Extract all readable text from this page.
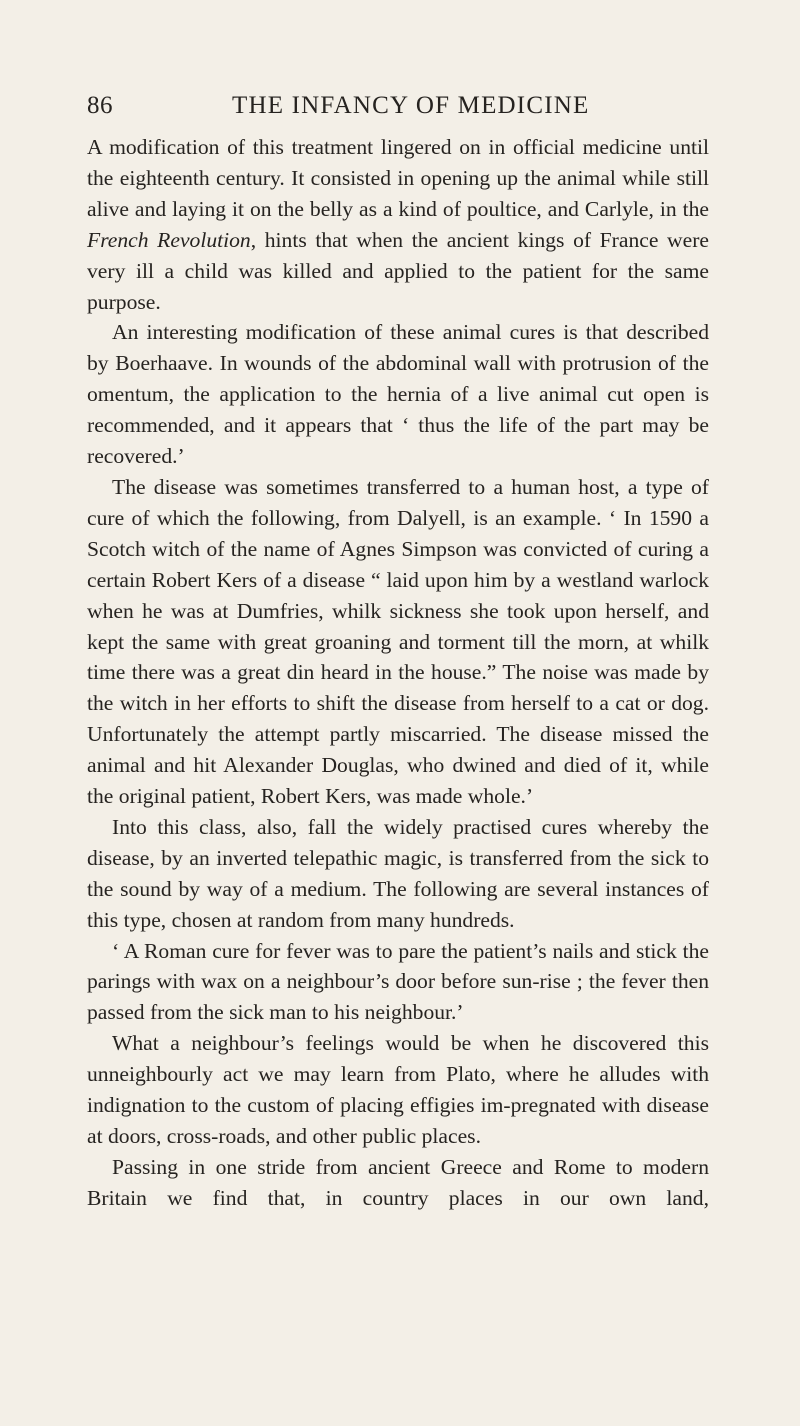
86	THE INFANCY OF MEDICINE

A modification of this treatment lingered on in official medicine until the eighteenth century. It consisted in opening up the animal while still alive and laying it on the belly as a kind of poultice, and Carlyle, in the French Revolution, hints that when the ancient kings of France were very ill a child was killed and applied to the patient for the same purpose.

An interesting modification of these animal cures is that described by Boerhaave. In wounds of the abdominal wall with protrusion of the omentum, the application to the hernia of a live animal cut open is recommended, and it appears that ‘ thus the life of the part may be recovered.’

The disease was sometimes transferred to a human host, a type of cure of which the following, from Dalyell, is an example. ‘ In 1590 a Scotch witch of the name of Agnes Simpson was convicted of curing a certain Robert Kers of a disease “ laid upon him by a westland warlock when he was at Dumfries, whilk sickness she took upon herself, and kept the same with great groaning and torment till the morn, at whilk time there was a great din heard in the house.” The noise was made by the witch in her efforts to shift the disease from herself to a cat or dog. Unfortunately the attempt partly miscarried. The disease missed the animal and hit Alexander Douglas, who dwined and died of it, while the original patient, Robert Kers, was made whole.’

Into this class, also, fall the widely practised cures whereby the disease, by an inverted telepathic magic, is transferred from the sick to the sound by way of a medium. The following are several instances of this type, chosen at random from many hundreds.

‘ A Roman cure for fever was to pare the patient’s nails and stick the parings with wax on a neighbour’s door before sun-rise ; the fever then passed from the sick man to his neighbour.’

What a neighbour’s feelings would be when he discovered this unneighbourly act we may learn from Plato, where he alludes with indignation to the custom of placing effigies im-pregnated with disease at doors, cross-roads, and other public places.

Passing in one stride from ancient Greece and Rome to modern Britain we find that, in country places in our own land,
